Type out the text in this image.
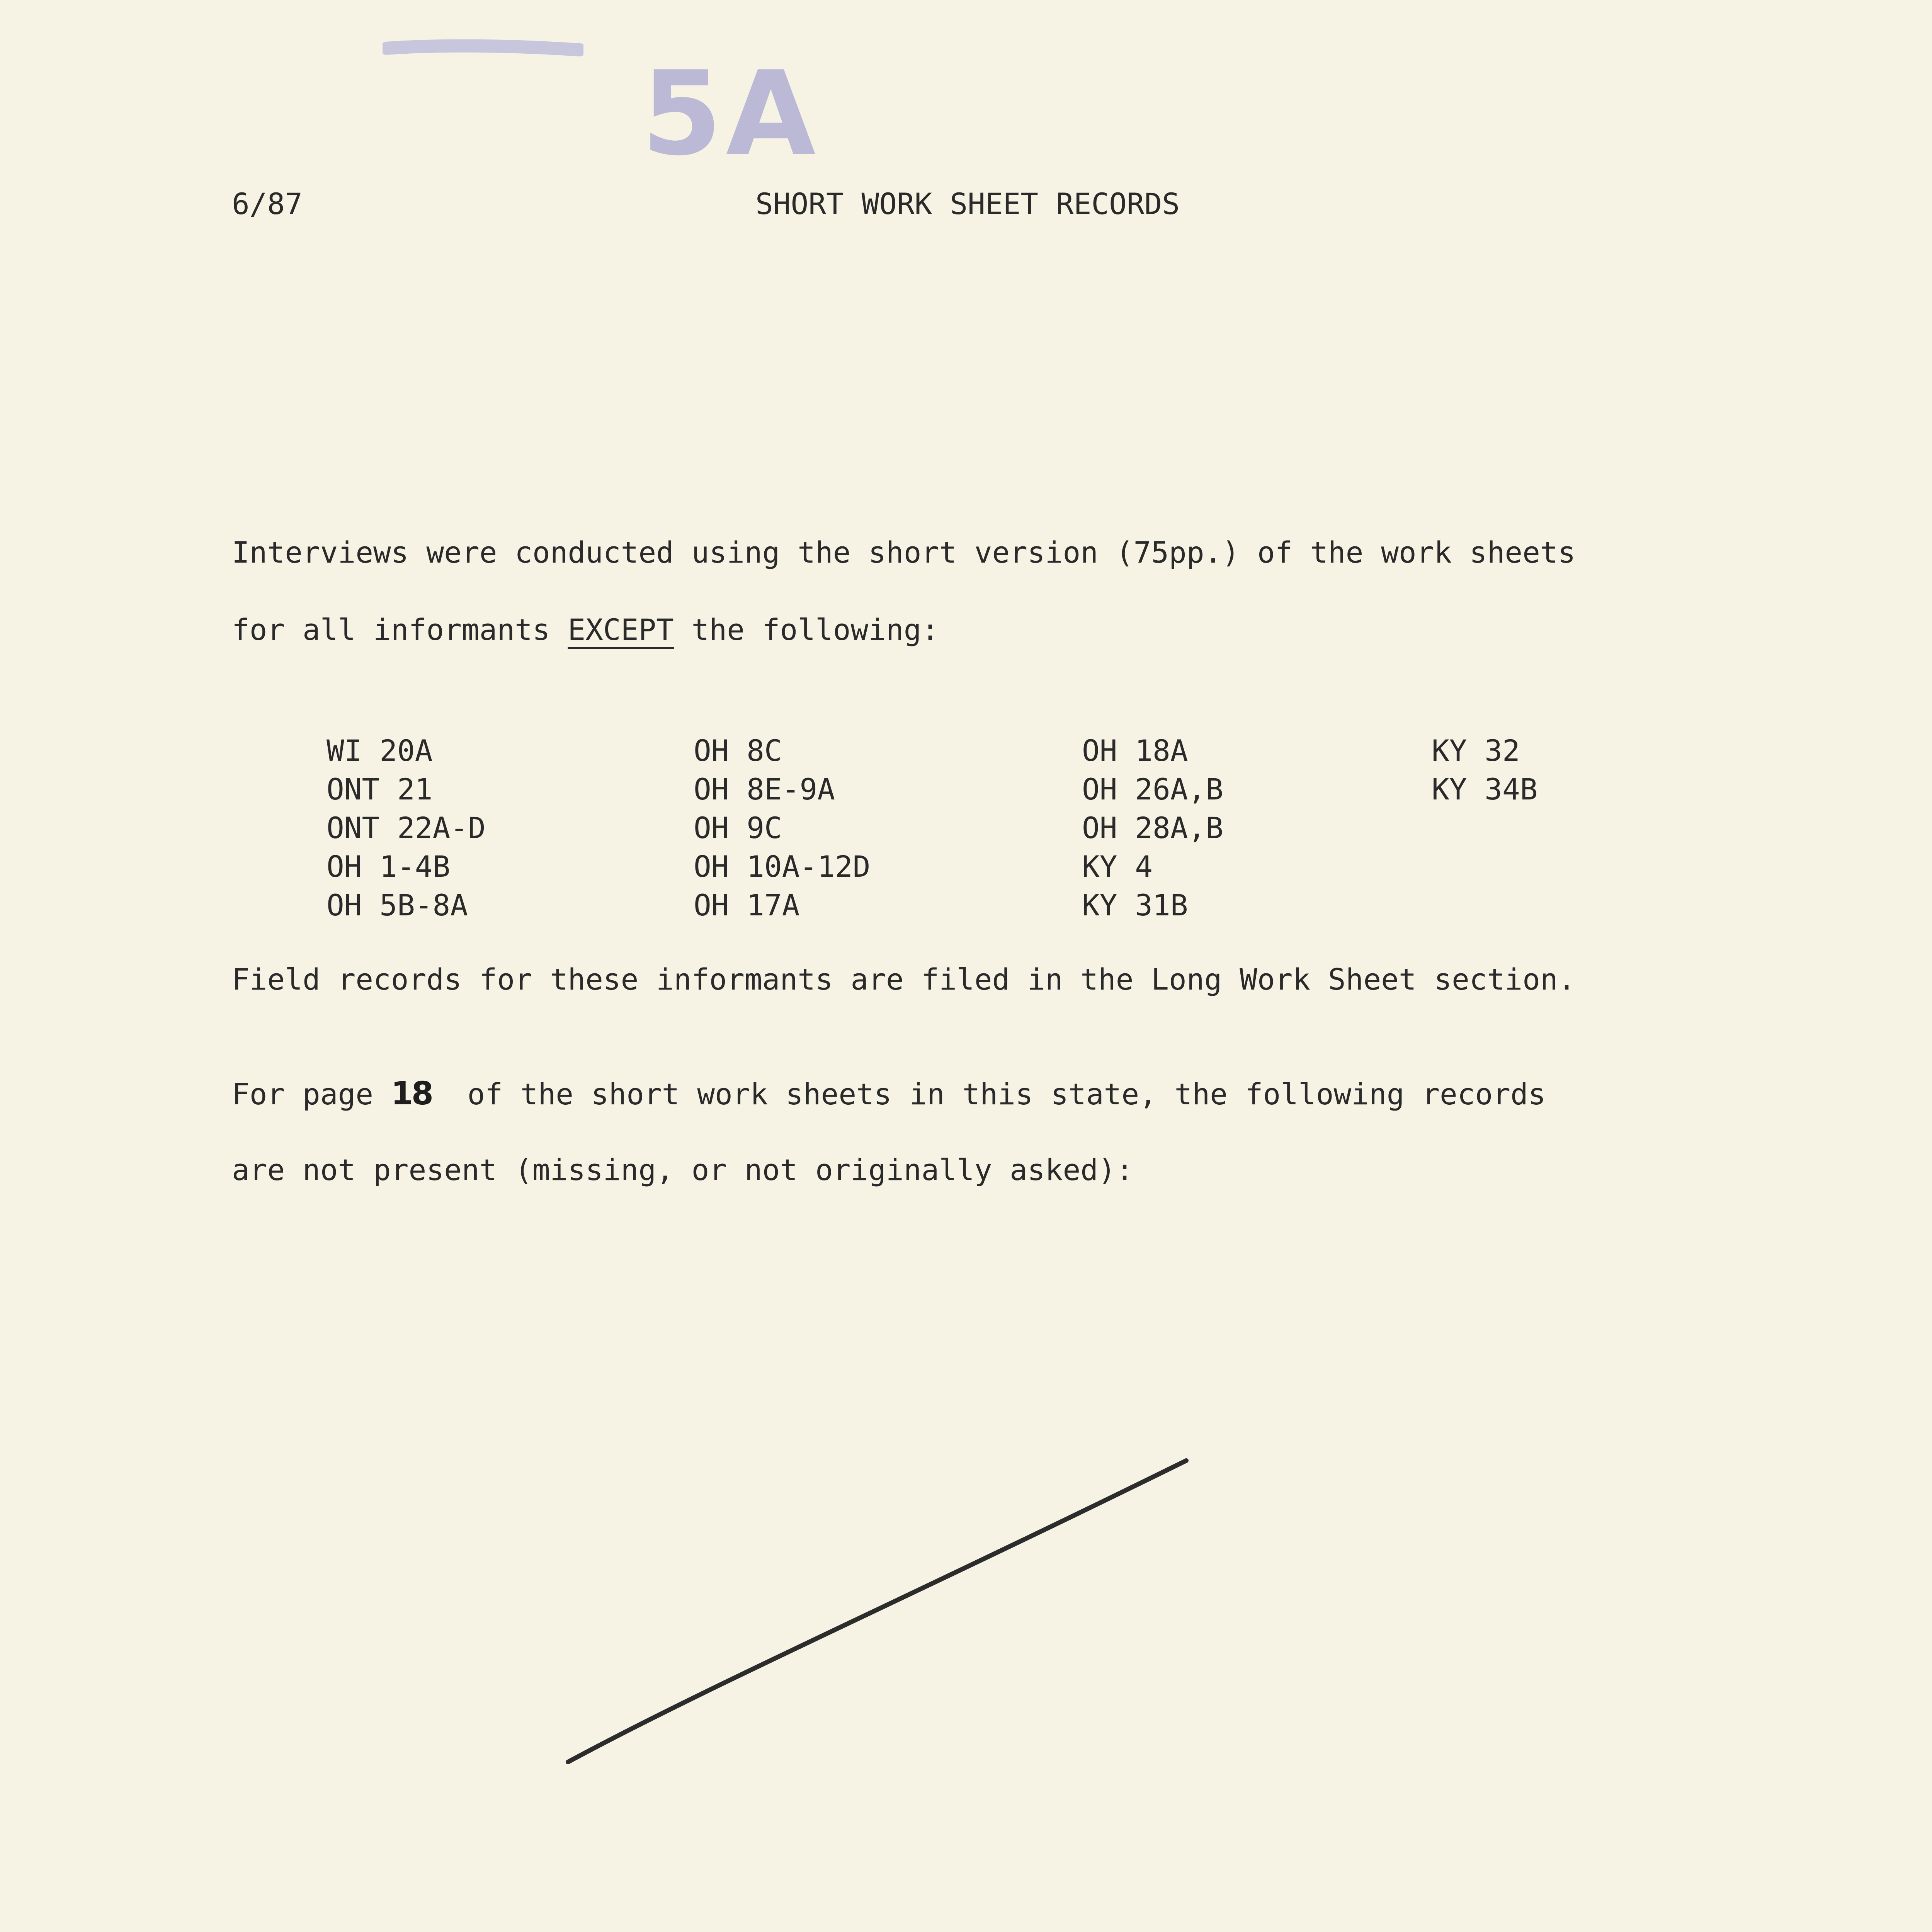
5A
6/87	SHORT WORK SHEET RECORDS
Interviews were conducted using the short version (75pp.) of the work sheets
for all informants EXCEPT the following:
WI 20A
ONT 21
ONT 22A-D
OH 1-4B
OH 5B-8A
OH 8C
OH 8E-9A
OH 9C
OH 10A-12D
OH 17A
OH 18A
OH 26A,B
OH 28A,B
KY 4
KY 31B
KY 32
KY 34B
Field records for these informants are filed in the Long Work Sheet section.
For page 18  of the short work sheets in this state, the following records
are not present (missing, or not originally asked):
